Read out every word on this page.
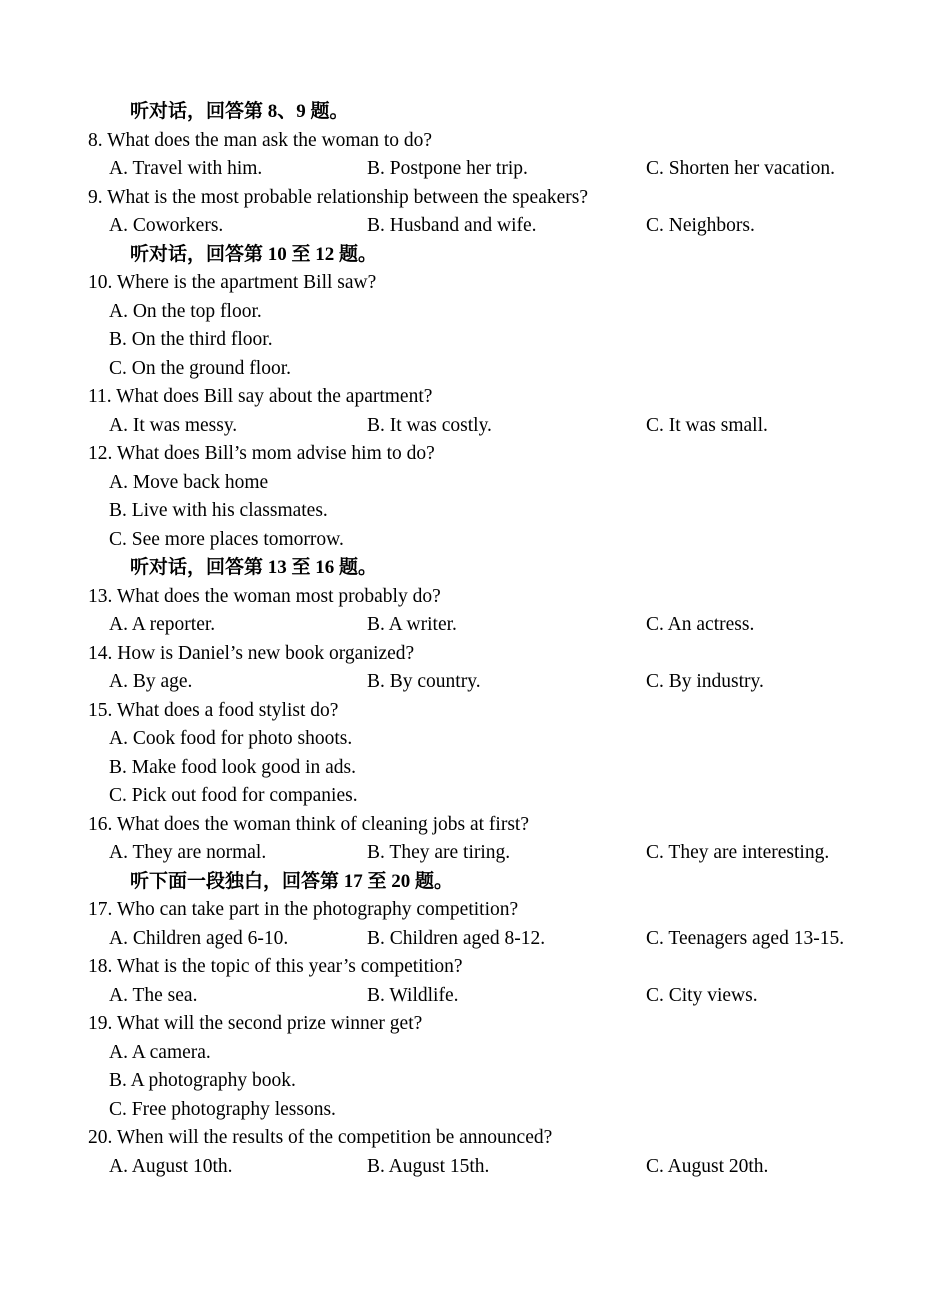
听对话，回答第 8、9 题。
8. What does the man ask the woman to do?
A. Travel with him.	B. Postpone her trip.	C. Shorten her vacation.
9. What is the most probable relationship between the speakers?
A. Coworkers.	B. Husband and wife.	C. Neighbors.
听对话，回答第 10 至 12 题。
10. Where is the apartment Bill saw?
A. On the top floor.
B. On the third floor.
C. On the ground floor.
11. What does Bill say about the apartment?
A. It was messy.	B. It was costly.	C. It was small.
12. What does Bill’s mom advise him to do?
A. Move back home
B. Live with his classmates.
C. See more places tomorrow.
听对话，回答第 13 至 16 题。
13. What does the woman most probably do?
A. A reporter.	B. A writer.	C. An actress.
14. How is Daniel’s new book organized?
A. By age.	B. By country.	C. By industry.
15. What does a food stylist do?
A. Cook food for photo shoots.
B. Make food look good in ads.
C. Pick out food for companies.
16. What does the woman think of cleaning jobs at first?
A. They are normal.	B. They are tiring.	C. They are interesting.
听下面一段独白，回答第 17 至 20 题。
17. Who can take part in the photography competition?
A. Children aged 6-10.	B. Children aged 8-12.	C. Teenagers aged 13-15.
18. What is the topic of this year’s competition?
A. The sea.	B. Wildlife.	C. City views.
19. What will the second prize winner get?
A. A camera.
B. A photography book.
C. Free photography lessons.
20. When will the results of the competition be announced?
A. August 10th.	B. August 15th.	C. August 20th.
